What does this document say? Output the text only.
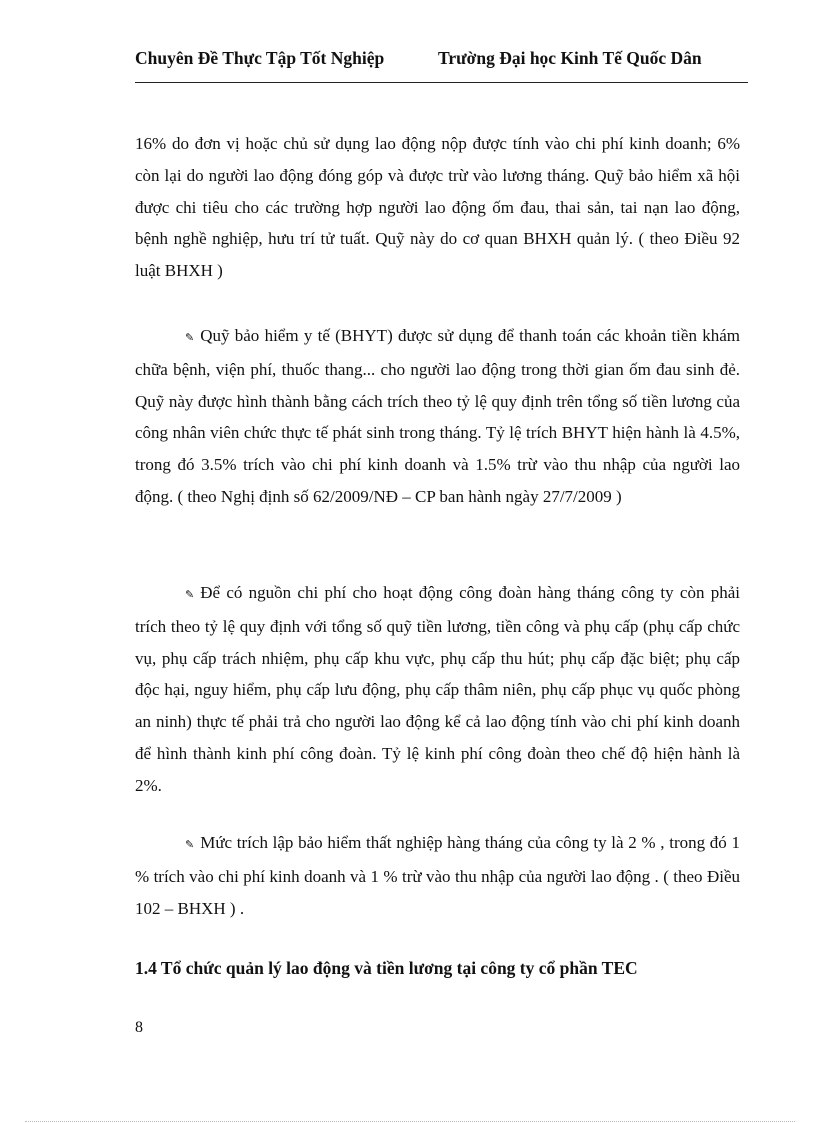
Chuyên Đề Thực Tập Tốt Nghiệp	Trường Đại học Kinh Tế Quốc Dân

16% do đơn vị hoặc chủ sử dụng lao động nộp được tính vào chi phí kinh doanh; 6% còn lại do người lao động đóng góp và được trừ vào lương tháng. Quỹ bảo hiểm xã hội được chi tiêu cho các trường hợp người lao động ốm đau, thai sản, tai nạn lao động, bệnh nghề nghiệp, hưu trí tử tuất. Quỹ này do cơ quan BHXH quản lý. ( theo Điều 92 luật BHXH )

✎ Quỹ bảo hiểm y tế (BHYT) được sử dụng để thanh toán các khoản tiền khám chữa bệnh, viện phí, thuốc thang... cho người lao động trong thời gian ốm đau sinh đẻ. Quỹ này được hình thành bằng cách trích theo tỷ lệ quy định trên tổng số tiền lương của công nhân viên chức thực tế phát sinh trong tháng. Tỷ lệ trích BHYT hiện hành là 4.5%, trong đó 3.5% trích vào chi phí kinh doanh và 1.5% trừ vào thu nhập của người lao động. ( theo Nghị định số 62/2009/NĐ – CP ban hành ngày 27/7/2009 )

✎ Để có nguồn chi phí cho hoạt động công đoàn hàng tháng công ty còn phải trích theo tỷ lệ quy định với tổng số quỹ tiền lương, tiền công và phụ cấp (phụ cấp chức vụ, phụ cấp trách nhiệm, phụ cấp khu vực, phụ cấp thu hút; phụ cấp đặc biệt; phụ cấp độc hại, nguy hiểm, phụ cấp lưu động, phụ cấp thâm niên, phụ cấp phục vụ quốc phòng an ninh) thực tế phải trả cho người lao động kể cả lao động tính vào chi phí kinh doanh để hình thành kinh phí công đoàn. Tỷ lệ kinh phí công đoàn theo chế độ hiện hành là 2%.

✎ Mức trích lập bảo hiểm thất nghiệp hàng tháng của công ty là 2 % , trong đó 1 % trích vào chi phí kinh doanh và 1 % trừ vào thu nhập của người lao động . ( theo Điều 102 – BHXH ) .

1.4 Tổ chức quản lý lao động và tiền lương tại công ty cổ phần TEC
8
